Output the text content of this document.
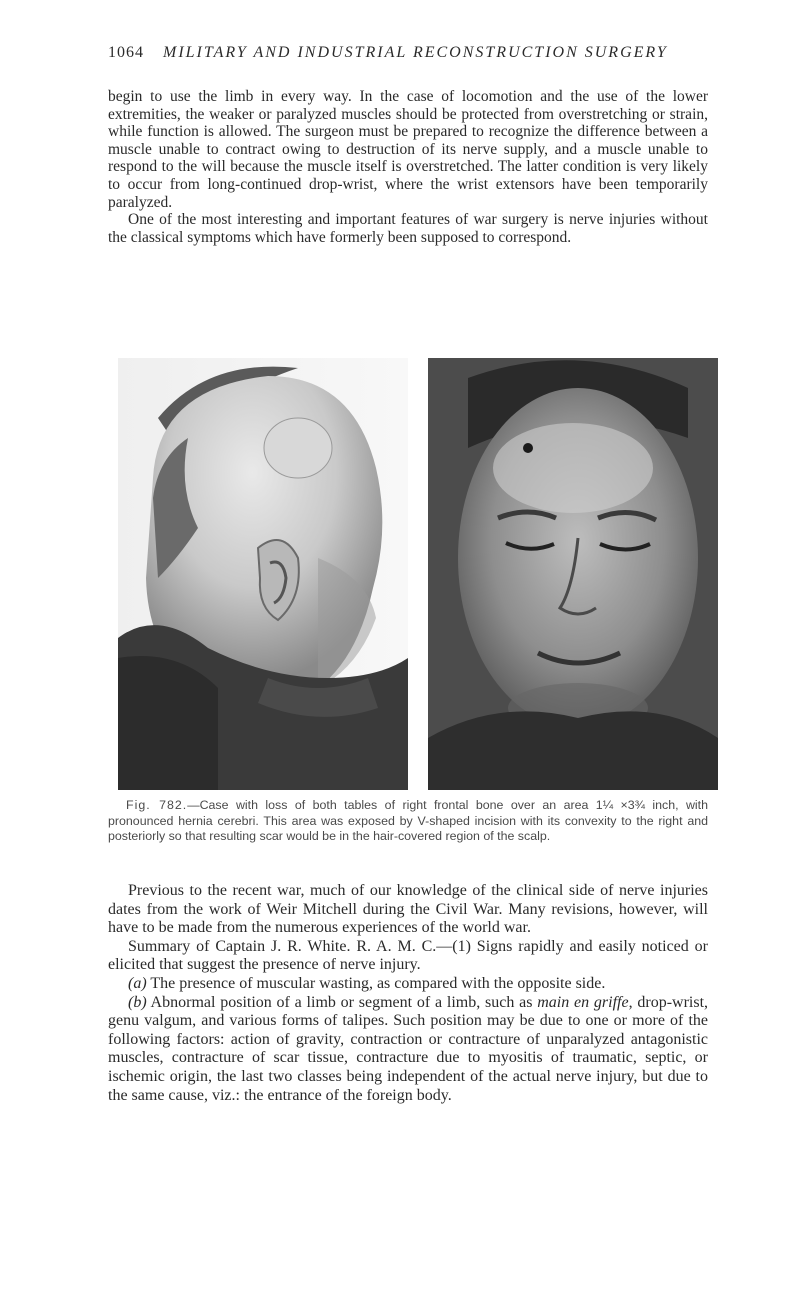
1064 MILITARY AND INDUSTRIAL RECONSTRUCTION SURGERY

begin to use the limb in every way. In the case of locomotion and the use of the lower extremities, the weaker or paralyzed muscles should be protected from overstretching or strain, while function is allowed. The surgeon must be prepared to recognize the difference between a muscle unable to contract owing to destruction of its nerve supply, and a muscle unable to respond to the will because the muscle itself is overstretched. The latter condition is very likely to occur from long-continued drop-wrist, where the wrist extensors have been temporarily paralyzed.

One of the most interesting and important features of war surgery is nerve injuries without the classical symptoms which have formerly been supposed to correspond.

Fig. 782.—Case with loss of both tables of right frontal bone over an area 1¼ ×3¾ inch, with pronounced hernia cerebri. This area was exposed by V-shaped incision with its convexity to the right and posteriorly so that resulting scar would be in the hair-covered region of the scalp.

Previous to the recent war, much of our knowledge of the clinical side of nerve injuries dates from the work of Weir Mitchell during the Civil War. Many revisions, however, will have to be made from the numerous experiences of the world war.

Summary of Captain J. R. White. R. A. M. C.—(1) Signs rapidly and easily noticed or elicited that suggest the presence of nerve injury.

(a) The presence of muscular wasting, as compared with the opposite side.

(b) Abnormal position of a limb or segment of a limb, such as main en griffe, drop-wrist, genu valgum, and various forms of talipes. Such position may be due to one or more of the following factors: action of gravity, contraction or contracture of unparalyzed antagonistic muscles, contracture of scar tissue, contracture due to myositis of traumatic, septic, or ischemic origin, the last two classes being independent of the actual nerve injury, but due to the same cause, viz.: the entrance of the foreign body.
